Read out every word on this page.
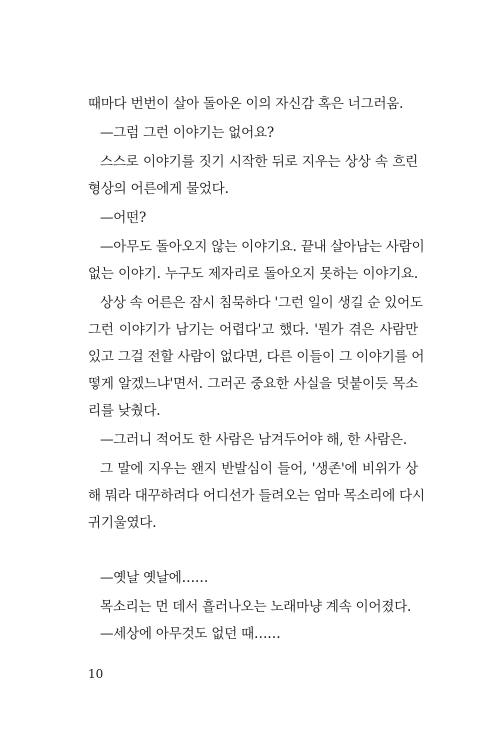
때마다 번번이 살아 돌아온 이의 자신감 혹은 너그러움.
—그럼 그런 이야기는 없어요?
스스로 이야기를 짓기 시작한 뒤로 지우는 상상 속 흐린
형상의 어른에게 물었다.
—어떤?
—아무도 돌아오지 않는 이야기요. 끝내 살아남는 사람이
없는 이야기. 누구도 제자리로 돌아오지 못하는 이야기요.
상상 속 어른은 잠시 침묵하다 '그런 일이 생길 순 있어도
그런 이야기가 남기는 어렵다'고 했다. '뭔가 겪은 사람만
있고 그걸 전할 사람이 없다면, 다른 이들이 그 이야기를 어
떻게 알겠느냐'면서. 그러곤 중요한 사실을 덧붙이듯 목소
리를 낮췄다.
—그러니 적어도 한 사람은 남겨두어야 해, 한 사람은.
그 말에 지우는 왠지 반발심이 들어, '생존'에 비위가 상
해 뭐라 대꾸하려다 어디선가 들려오는 엄마 목소리에 다시
귀기울였다.
—옛날 옛날에……
목소리는 먼 데서 흘러나오는 노래마냥 계속 이어졌다.
—세상에 아무것도 없던 때……
10
